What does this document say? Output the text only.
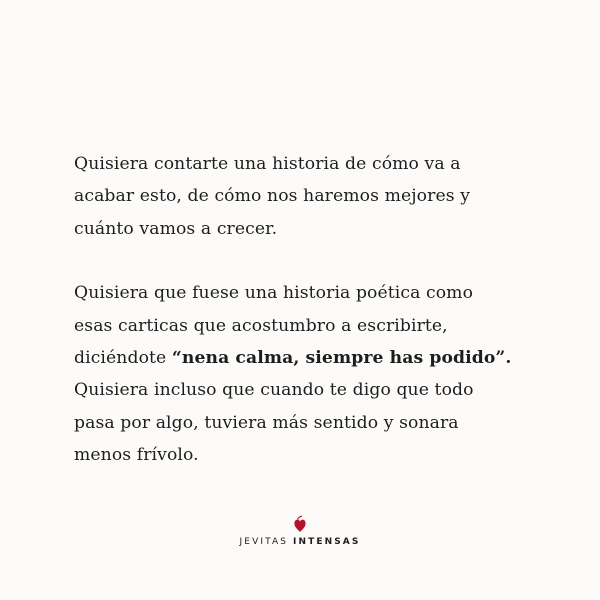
Quisiera contarte una historia de cómo va a
acabar esto, de cómo nos haremos mejores y
cuánto vamos a crecer.

Quisiera que fuese una historia poética como
esas carticas que acostumbro a escribirte,
diciéndote “nena calma, siempre has podido”.
Quisiera incluso que cuando te digo que todo
pasa por algo, tuviera más sentido y sonara
menos frívolo.

JEVITAS INTENSAS
